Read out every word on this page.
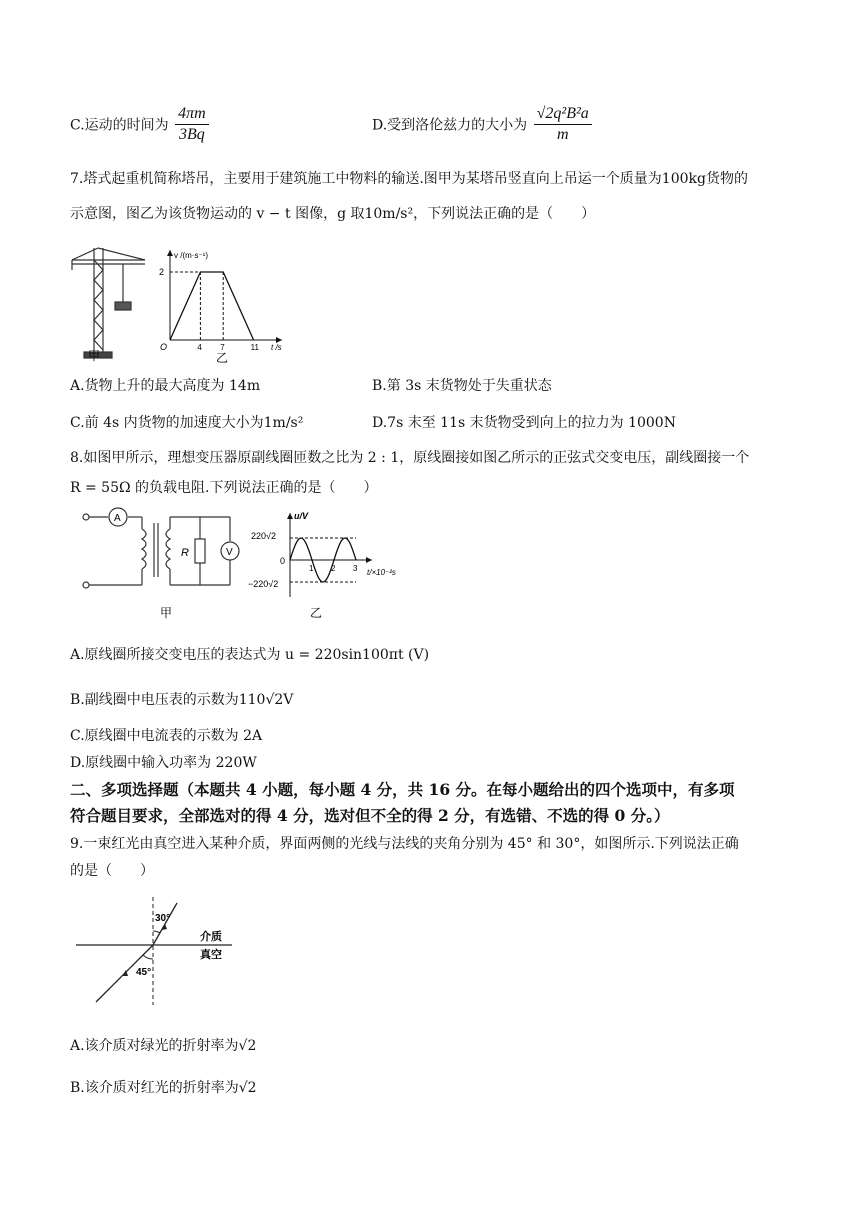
C.运动的时间为 $\frac{4\pi m}{3Bq}$	D.受到洛伦兹力的大小为 $\frac{\text{√2q²B²a}}{m}$
7.塔式起重机简称塔吊，主要用于建筑施工中物料的输送.图甲为某塔吊竖直向上吊运一个质量为100kg货物的
示意图，图乙为该货物运动的 v − t 图像，g 取10m/s²，下列说法正确的是（　　）
甲
v /(m·s⁻¹)
t /s
O
2
4 7	11
乙
A.货物上升的最大高度为 14m	B.第 3s 末货物处于失重状态
C.前 4s 内货物的加速度大小为1m/s²	D.7s 末至 11s 末货物受到向上的拉力为 1000N
8.如图甲所示，理想变压器原副线圈匝数之比为 2 : 1，原线圈接如图乙所示的正弦式交变电压，副线圈接一个
R = 55Ω 的负载电阻.下列说法正确的是（　　）
A
V
R
甲
u/V
t/×10⁻²s
220√2
0
−220√2
1 2 3
乙
A.原线圈所接交变电压的表达式为 u = 220sin100πt (V)
B.副线圈中电压表的示数为110√2V
C.原线圈中电流表的示数为 2A
D.原线圈中输入功率为 220W
二、多项选择题（本题共 4 小题，每小题 4 分，共 16 分。在每小题给出的四个选项中，有多项
符合题目要求，全部选对的得 4 分，选对但不全的得 2 分，有选错、不选的得 0 分。）
9.一束红光由真空进入某种介质，界面两侧的光线与法线的夹角分别为 45° 和 30°，如图所示.下列说法正确
的是（　　）
30°
45°
介质
真空
A.该介质对绿光的折射率为√2
B.该介质对红光的折射率为√2
